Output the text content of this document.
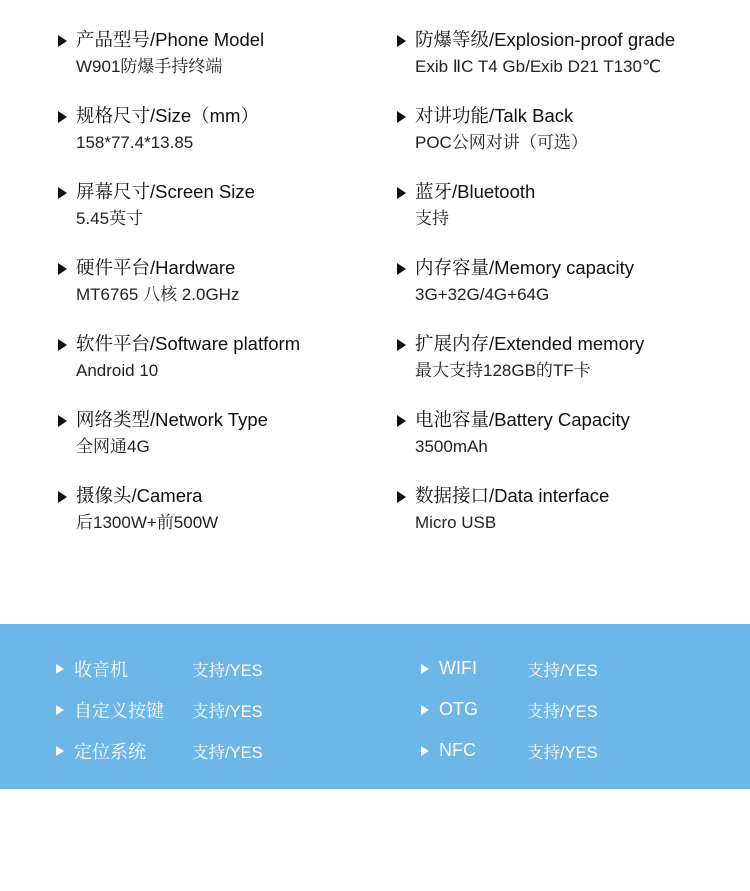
产品型号/Phone Model
W901防爆手持终端
规格尺寸/Size（mm）
158*77.4*13.85
屏幕尺寸/Screen Size
5.45英寸
硬件平台/Hardware
MT6765 八核 2.0GHz
软件平台/Software platform
Android 10
网络类型/Network Type
全网通4G
摄像头/Camera
后1300W+前500W
防爆等级/Explosion-proof grade
Exib ⅡC T4 Gb/Exib D21 T130℃
对讲功能/Talk Back
POC公网对讲（可选）
蓝牙/Bluetooth
支持
内存容量/Memory capacity
3G+32G/4G+64G
扩展内存/Extended memory
最大支持128GB的TF卡
电池容量/Battery Capacity
3500mAh
数据接口/Data interface
Micro USB
收音机	支持/YES
自定义按键	支持/YES
定位系统	支持/YES
WIFI	支持/YES
OTG	支持/YES
NFC	支持/YES
